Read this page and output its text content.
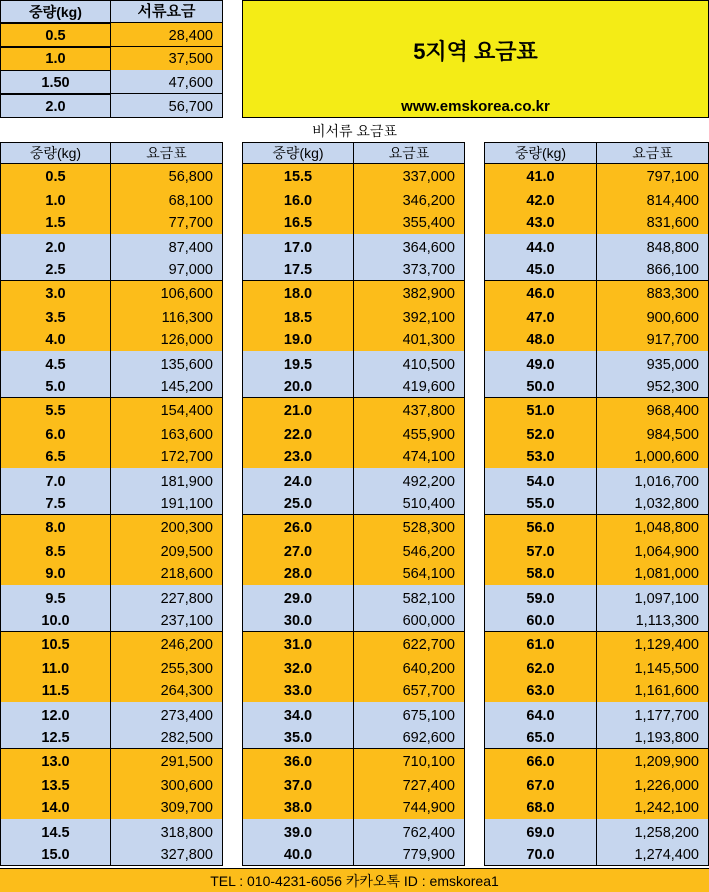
중량(kg)	서류요금
0.5	28,400
1.0	37,500
1.50	47,600
2.0	56,700
5지역 요금표
www.emskorea.co.kr
비서류 요금표
중량(kg)	요금표
0.5	56,800
1.0	68,100
1.5	77,700
2.0	87,400
2.5	97,000
3.0	106,600
3.5	116,300
4.0	126,000
4.5	135,600
5.0	145,200
5.5	154,400
6.0	163,600
6.5	172,700
7.0	181,900
7.5	191,100
8.0	200,300
8.5	209,500
9.0	218,600
9.5	227,800
10.0	237,100
10.5	246,200
11.0	255,300
11.5	264,300
12.0	273,400
12.5	282,500
13.0	291,500
13.5	300,600
14.0	309,700
14.5	318,800
15.0	327,800
중량(kg)	요금표
15.5	337,000
16.0	346,200
16.5	355,400
17.0	364,600
17.5	373,700
18.0	382,900
18.5	392,100
19.0	401,300
19.5	410,500
20.0	419,600
21.0	437,800
22.0	455,900
23.0	474,100
24.0	492,200
25.0	510,400
26.0	528,300
27.0	546,200
28.0	564,100
29.0	582,100
30.0	600,000
31.0	622,700
32.0	640,200
33.0	657,700
34.0	675,100
35.0	692,600
36.0	710,100
37.0	727,400
38.0	744,900
39.0	762,400
40.0	779,900
중량(kg)	요금표
41.0	797,100
42.0	814,400
43.0	831,600
44.0	848,800
45.0	866,100
46.0	883,300
47.0	900,600
48.0	917,700
49.0	935,000
50.0	952,300
51.0	968,400
52.0	984,500
53.0	1,000,600
54.0	1,016,700
55.0	1,032,800
56.0	1,048,800
57.0	1,064,900
58.0	1,081,000
59.0	1,097,100
60.0	1,113,300
61.0	1,129,400
62.0	1,145,500
63.0	1,161,600
64.0	1,177,700
65.0	1,193,800
66.0	1,209,900
67.0	1,226,000
68.0	1,242,100
69.0	1,258,200
70.0	1,274,400
TEL : 010-4231-6056 카카오톡 ID : emskorea1
